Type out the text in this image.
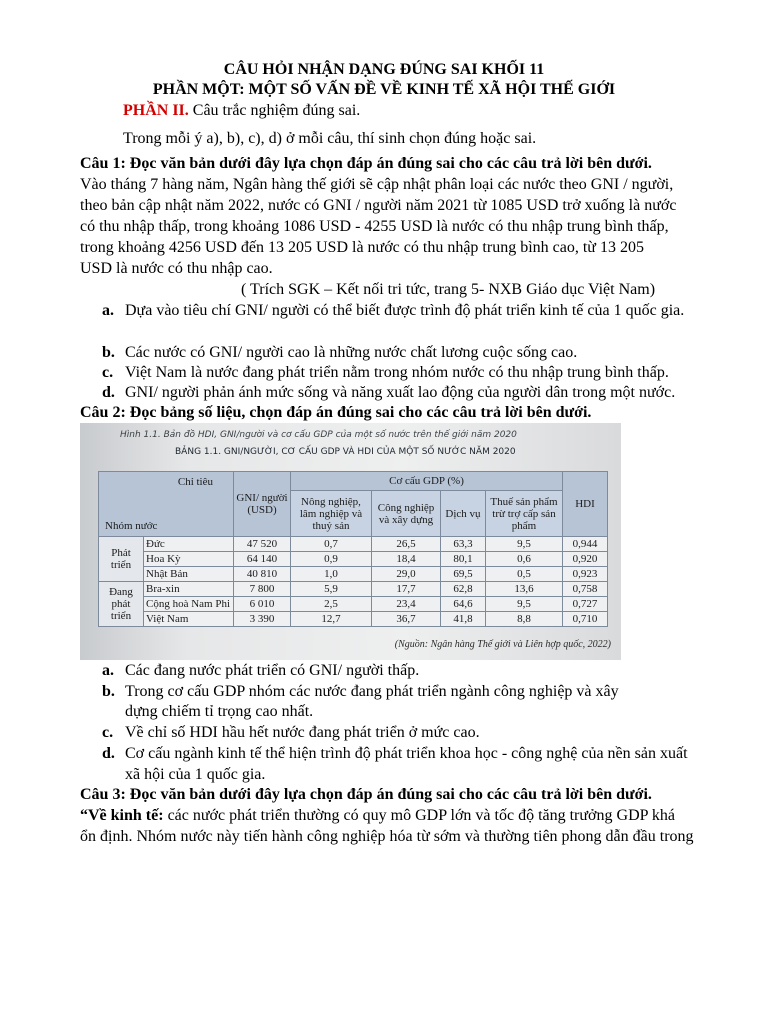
CÂU HỎI NHẬN DẠNG ĐÚNG SAI KHỐI 11
PHẦN MỘT: MỘT SỐ VẤN ĐỀ VỀ KINH TẾ XÃ HỘI THẾ GIỚI
PHẦN II. Câu trắc nghiệm đúng sai.
Trong mỗi ý a), b), c), d) ở mỗi câu, thí sinh chọn đúng hoặc sai.
Câu 1: Đọc văn bản dưới đây lựa chọn đáp án đúng sai cho các câu trả lời bên dưới.
Vào tháng 7 hàng năm, Ngân hàng thế giới sẽ cập nhật phân loại các nước theo GNI / người,
theo bản cập nhật năm 2022, nước có GNI / người năm 2021 từ 1085 USD trở xuống là nước
có thu nhập thấp, trong khoảng 1086 USD - 4255 USD là nước có thu nhập trung bình thấp,
trong khoảng 4256 USD đến 13 205 USD là nước có thu nhập trung bình cao, từ 13 205
USD là nước có thu nhập cao.
( Trích SGK – Kết nối tri tức, trang 5- NXB Giáo dục Việt Nam)
a. Dựa vào tiêu chí GNI/ người có thể biết được trình độ phát triển kinh tế của 1 quốc gia.
b. Các nước có GNI/ người cao là những nước chất lương cuộc sống cao.
c. Việt Nam là nước đang phát triển nằm trong nhóm nước có thu nhập trung bình thấp.
d. GNI/ người phản ánh mức sống và năng xuất lao động của người dân trong một nước.
Câu 2: Đọc bảng số liệu, chọn đáp án đúng sai cho các câu trả lời bên dưới.
Hình 1.1. Bản đồ HDI, GNI/người và cơ cấu GDP của một số nước trên thế giới năm 2020
BẢNG 1.1. GNI/NGƯỜI, CƠ CẤU GDP VÀ HDI CỦA MỘT SỐ NƯỚC NĂM 2020
Chỉ tiêu
Nhóm nước		GNI/ người (USD)	Cơ cấu GDP (%)				HDI
			Nông nghiệp, lâm nghiệp và thuỷ sản	Công nghiệp và xây dựng	Dịch vụ	Thuế sản phẩm trừ trợ cấp sản phẩm	
Phát triển	Đức	47 520	0,7	26,5	63,3	9,5	0,944
	Hoa Kỳ	64 140	0,9	18,4	80,1	0,6	0,920
	Nhật Bản	40 810	1,0	29,0	69,5	0,5	0,923
Đang phát triển	Bra-xin	7 800	5,9	17,7	62,8	13,6	0,758
	Cộng hoà Nam Phi	6 010	2,5	23,4	64,6	9,5	0,727
	Việt Nam	3 390	12,7	36,7	41,8	8,8	0,710
(Nguồn: Ngân hàng Thế giới và Liên hợp quốc, 2022)
a. Các đang nước phát triển có GNI/ người thấp.
b. Trong cơ cấu GDP nhóm các nước đang phát triển ngành công nghiệp và xây
dựng chiếm tỉ trọng cao nhất.
c. Về chỉ số HDI hầu hết nước đang phát triển ở mức cao.
d. Cơ cấu ngành kinh tế thể hiện trình độ phát triển khoa học - công nghệ của nền sản xuất
xã hội của 1 quốc gia.
Câu 3: Đọc văn bản dưới đây lựa chọn đáp án đúng sai cho các câu trả lời bên dưới.
“Về kinh tế: các nước phát triển thường có quy mô GDP lớn và tốc độ tăng trưởng GDP khá
ổn định. Nhóm nước này tiến hành công nghiệp hóa từ sớm và thường tiên phong dẫn đầu trong
